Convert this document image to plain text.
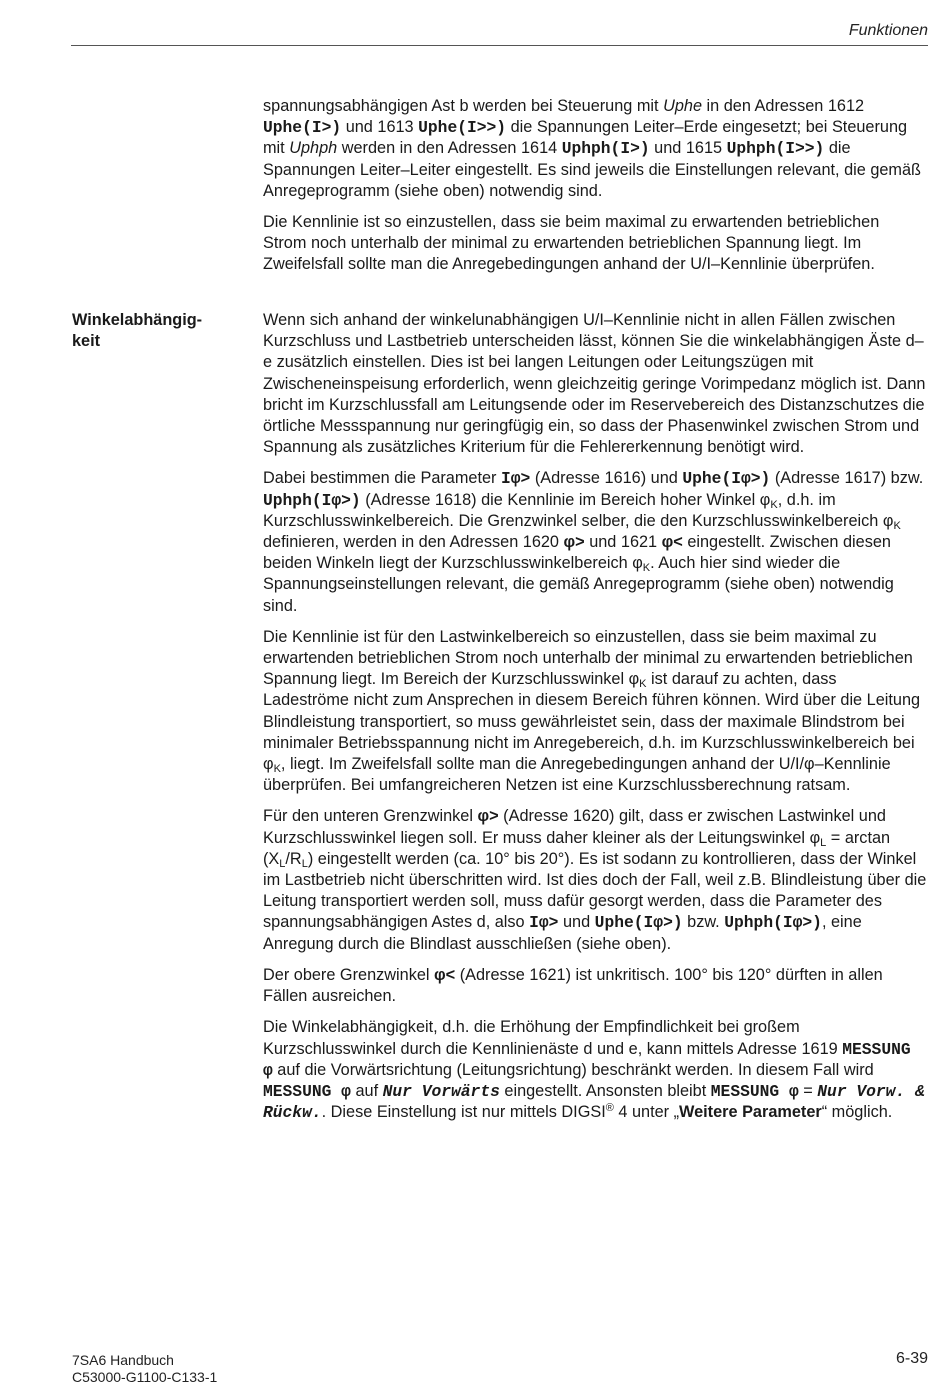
Funktionen
Winkelabhängig-
keit

spannungsabhängigen Ast b werden bei Steuerung mit Uphe in den Adressen 1612 Uphe(I>) und 1613 Uphe(I>>) die Spannungen Leiter–Erde eingesetzt; bei Steuerung mit Uphph werden in den Adressen 1614 Uphph(I>) und 1615 Uphph(I>>) die Spannungen Leiter–Leiter eingestellt. Es sind jeweils die Einstellungen relevant, die gemäß Anregeprogramm (siehe oben) notwendig sind.

Die Kennlinie ist so einzustellen, dass sie beim maximal zu erwartenden betrieblichen Strom noch unterhalb der minimal zu erwartenden betrieblichen Spannung liegt. Im Zweifelsfall sollte man die Anregebedingungen anhand der U/I–Kennlinie überprüfen.

Wenn sich anhand der winkelunabhängigen U/I–Kennlinie nicht in allen Fällen zwischen Kurzschluss und Lastbetrieb unterscheiden lässt, können Sie die winkelabhängigen Äste d–e zusätzlich einstellen. Dies ist bei langen Leitungen oder Leitungszügen mit Zwischeneinspeisung erforderlich, wenn gleichzeitig geringe Vorimpedanz möglich ist. Dann bricht im Kurzschlussfall am Leitungsende oder im Reservebereich des Distanzschutzes die örtliche Messspannung nur geringfügig ein, so dass der Phasenwinkel zwischen Strom und Spannung als zusätzliches Kriterium für die Fehlererkennung benötigt wird.

Dabei bestimmen die Parameter Iφ> (Adresse 1616) und Uphe(Iφ>) (Adresse 1617) bzw. Uphph(Iφ>) (Adresse 1618) die Kennlinie im Bereich hoher Winkel $\varphi_K$, d.h. im Kurzschlusswinkelbereich. Die Grenzwinkel selber, die den Kurzschlusswinkelbereich $\varphi_K$ definieren, werden in den Adressen 1620 φ> und 1621 φ< eingestellt. Zwischen diesen beiden Winkeln liegt der Kurzschlusswinkelbereich $\varphi_K$. Auch hier sind wieder die Spannungseinstellungen relevant, die gemäß Anregeprogramm (siehe oben) notwendig sind.

Die Kennlinie ist für den Lastwinkelbereich so einzustellen, dass sie beim maximal zu erwartenden betrieblichen Strom noch unterhalb der minimal zu erwartenden betrieblichen Spannung liegt. Im Bereich der Kurzschlusswinkel $\varphi_K$ ist darauf zu achten, dass Ladeströme nicht zum Ansprechen in diesem Bereich führen können. Wird über die Leitung Blindleistung transportiert, so muss gewährleistet sein, dass der maximale Blindstrom bei minimaler Betriebsspannung nicht im Anregebereich, d.h. im Kurzschlusswinkelbereich bei $\varphi_K$, liegt. Im Zweifelsfall sollte man die Anregebedingungen anhand der U/I/φ–Kennlinie überprüfen. Bei umfangreicheren Netzen ist eine Kurzschlussberechnung ratsam.

Für den unteren Grenzwinkel φ> (Adresse 1620) gilt, dass er zwischen Lastwinkel und Kurzschlusswinkel liegen soll. Er muss daher kleiner als der Leitungswinkel $\varphi_L = \arctan (X_L/R_L)$ eingestellt werden (ca. 10° bis 20°). Es ist sodann zu kontrollieren, dass der Winkel im Lastbetrieb nicht überschritten wird. Ist dies doch der Fall, weil z.B. Blindleistung über die Leitung transportiert werden soll, muss dafür gesorgt werden, dass die Parameter des spannungsabhängigen Astes d, also Iφ> und Uphe(Iφ>) bzw. Uphph(Iφ>), eine Anregung durch die Blindlast ausschließen (siehe oben).

Der obere Grenzwinkel φ< (Adresse 1621) ist unkritisch. 100° bis 120° dürften in allen Fällen ausreichen.

Die Winkelabhängigkeit, d.h. die Erhöhung der Empfindlichkeit bei großem Kurzschlusswinkel durch die Kennlinienäste d und e, kann mittels Adresse 1619 MESSUNG φ auf die Vorwärtsrichtung (Leitungsrichtung) beschränkt werden. In diesem Fall wird MESSUNG φ auf Nur Vorwärts eingestellt. Ansonsten bleibt MESSUNG φ = Nur Vorw. & Rückw.. Diese Einstellung ist nur mittels DIGSI® 4 unter „Weitere Parameter“ möglich.

7SA6 Handbuch
C53000-G1100-C133-1
6-39
